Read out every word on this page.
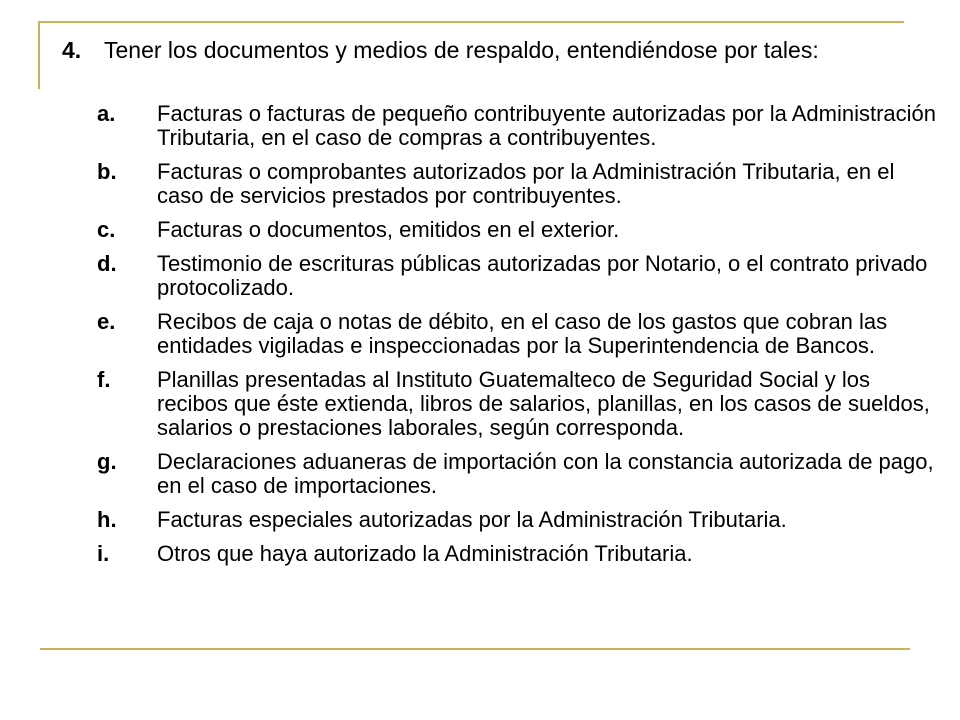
4. Tener los documentos y medios de respaldo, entendiéndose por tales:
a.	Facturas o facturas de pequeño contribuyente autorizadas por la Administración Tributaria, en el caso de compras a contribuyentes.
b.	Facturas o comprobantes autorizados por la Administración Tributaria, en el caso de servicios prestados por contribuyentes.
c.	Facturas o documentos, emitidos en el exterior.
d.	Testimonio de escrituras públicas autorizadas por Notario, o el contrato privado protocolizado.
e.	Recibos de caja o notas de débito, en el caso de los gastos que cobran las entidades vigiladas e inspeccionadas por la Superintendencia de Bancos.
f.	Planillas presentadas al Instituto Guatemalteco de Seguridad Social y los recibos que éste extienda, libros de salarios, planillas, en los casos de sueldos, salarios o prestaciones laborales, según corresponda.
g.	Declaraciones aduaneras de importación con la constancia autorizada de pago, en el caso de importaciones.
h.	Facturas especiales autorizadas por la Administración Tributaria.
i.	Otros que haya autorizado la Administración Tributaria.
